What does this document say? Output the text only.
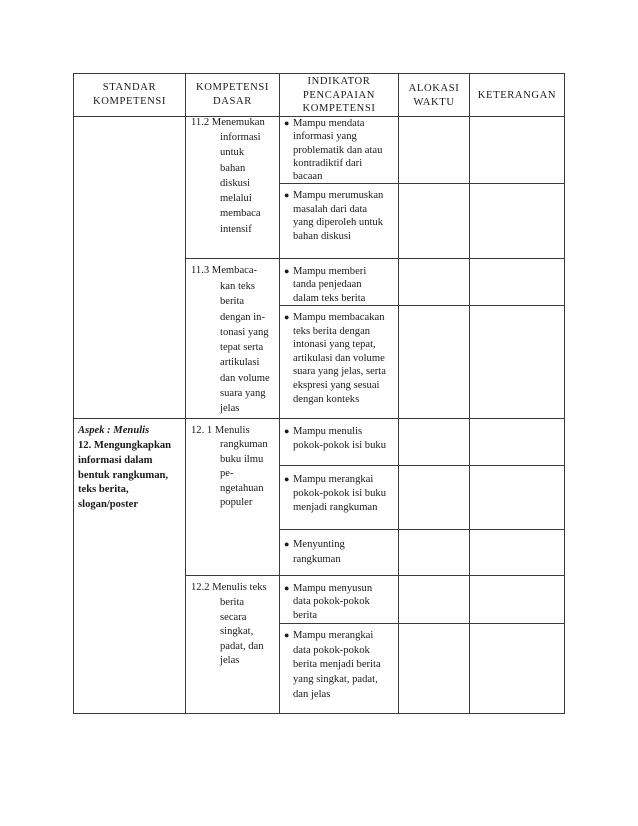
STANDAR
KOMPETENSI
KOMPETENSI
DASAR
INDIKATOR
PENCAPAIAN
KOMPETENSI
ALOKASI
WAKTU
KETERANGAN
11.2 Menemukan
informasi
untuk
bahan
diskusi
melalui
membaca
intensif
11.3 Membaca-
kan teks
berita
dengan in-
tonasi yang
tepat serta
artikulasi
dan volume
suara yang
jelas
12. 1 Menulis
rangkuman
buku ilmu
pe-
ngetahuan
populer
12.2 Menulis teks
berita
secara
singkat,
padat, dan
jelas
Aspek : Menulis
12. Mengungkapkan
informasi dalam
bentuk rangkuman,
teks berita,
slogan/poster
● Mampu mendata
informasi yang
problematik dan atau
kontradiktif dari
bacaan
● Mampu merumuskan
masalah dari data
yang diperoleh untuk
bahan diskusi
● Mampu memberi
tanda penjedaan
dalam teks berita
● Mampu membacakan
teks berita dengan
intonasi yang tepat,
artikulasi dan volume
suara yang jelas, serta
ekspresi yang sesuai
dengan konteks
● Mampu menulis
pokok-pokok isi buku
● Mampu merangkai
pokok-pokok isi buku
menjadi rangkuman
● Menyunting
rangkuman
● Mampu menyusun
data pokok-pokok
berita
● Mampu merangkai
data pokok-pokok
berita menjadi berita
yang singkat, padat,
dan jelas
